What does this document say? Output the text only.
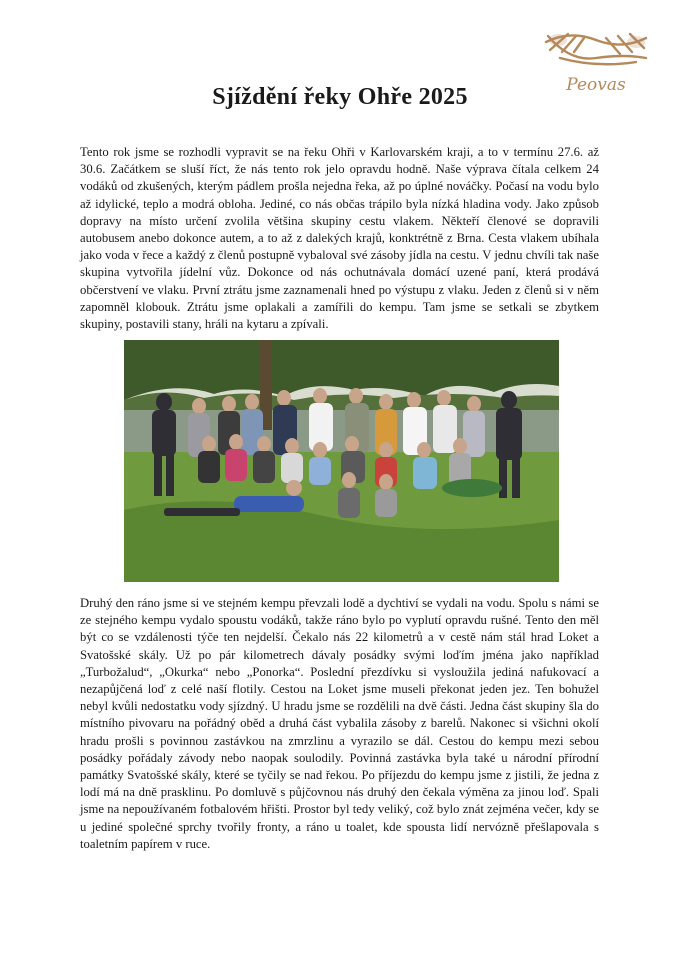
Peovas
Sjíždění řeky Ohře 2025

Tento rok jsme se rozhodli vypravit se na řeku Ohři v Karlovarském kraji, a to v termínu 27.6. až 30.6. Začátkem se sluší říct, že nás tento rok jelo opravdu hodně. Naše výprava čítala celkem 24 vodáků od zkušených, kterým pádlem prošla nejedna řeka, až po úplné nováčky. Počasí na vodu bylo až idylické, teplo a modrá obloha. Jediné, co nás občas trápilo byla nízká hladina vody. Jako způsob dopravy na místo určení zvolila většina skupiny cestu vlakem. Někteří členové se dopravili autobusem anebo dokonce autem, a to až z dalekých krajů, konktrétně z Brna. Cesta vlakem ubíhala jako voda v řece a každý z členů postupně vybaloval své zásoby jídla na cestu. V jednu chvíli tak naše skupina vytvořila jídelní vůz. Dokonce od nás ochutnávala domácí uzené paní, která prodává občerstvení ve vlaku. První ztrátu jsme zaznamenali hned po výstupu z vlaku. Jeden z členů si v něm zapomněl klobouk. Ztrátu jsme oplakali a zamířili do kempu. Tam jsme se setkali se zbytkem skupiny, postavili stany, hráli na kytaru a zpívali.

Druhý den ráno jsme si ve stejném kempu převzali lodě a dychtiví se vydali na vodu. Spolu s námi se ze stejného kempu vydalo spoustu vodáků, takže ráno bylo po vyplutí opravdu rušné. Tento den měl být co se vzdálenosti týče ten nejdelší. Čekalo nás 22 kilometrů a v cestě nám stál hrad Loket a Svatošské skály. Už po pár kilometrech dávaly posádky svými loďím jména jako například „Turbožalud“, „Okurka“ nebo „Ponorka“. Poslední přezdívku si vysloužila jediná nafukovací a nezapůjčená loď z celé naší flotily. Cestou na Loket jsme museli překonat jeden jez. Ten bohužel nebyl kvůli nedostatku vody sjízdný. U hradu jsme se rozdělili na dvě části. Jedna část skupiny šla do místního pivovaru na pořádný oběd a druhá část vybalila zásoby z barelů. Nakonec si všichni okolí hradu prošli s povinnou zastávkou na zmrzlinu a vyrazilo se dál. Cestou do kempu mezi sebou posádky pořádaly závody nebo naopak soulodily. Povinná zastávka byla také u národní přírodní památky Svatošské skály, které se tyčily se nad řekou. Po příjezdu do kempu jsme z jistili, že jedna z lodí má na dně prasklinu. Po domluvě s půjčovnou nás druhý den čekala výměna za jinou loď. Spali jsme na nepoužívaném fotbalovém hřišti. Prostor byl tedy veliký, což bylo znát zejména večer, kdy se u jediné společné sprchy tvořily fronty, a ráno u toalet, kde spousta lidí nervózně přešlapovala s toaletním papírem v ruce.
